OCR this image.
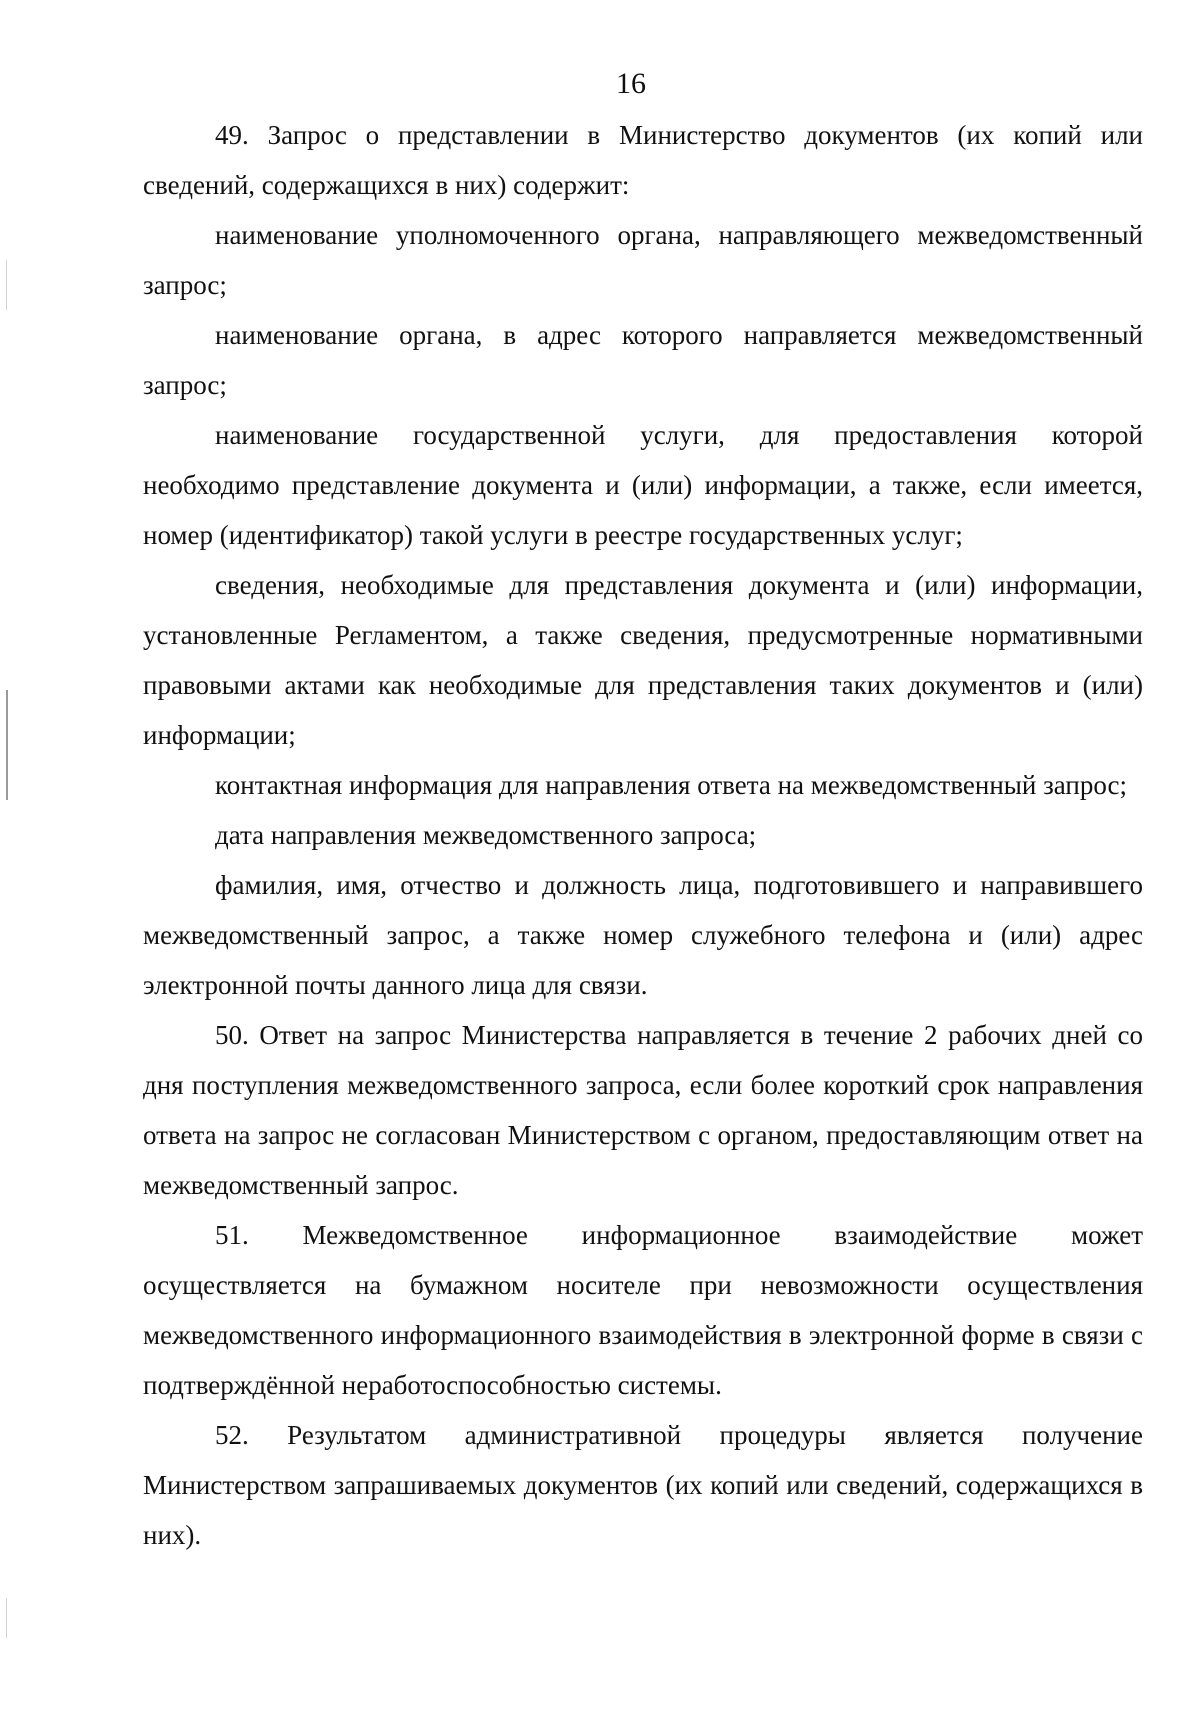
16

49. Запрос о представлении в Министерство документов (их копий или сведений, содержащихся в них) содержит:

наименование уполномоченного органа, направляющего межведомственный запрос;

наименование органа, в адрес которого направляется межведомственный запрос;

наименование государственной услуги, для предоставления которой необходимо представление документа и (или) информации, а также, если имеется, номер (идентификатор) такой услуги в реестре государственных услуг;

сведения, необходимые для представления документа и (или) информации, установленные Регламентом, а также сведения, предусмотренные нормативными правовыми актами как необходимые для представления таких документов и (или) информации;

контактная информация для направления ответа на межведомственный запрос;

дата направления межведомственного запроса;

фамилия, имя, отчество и должность лица, подготовившего и направившего межведомственный запрос, а также номер служебного телефона и (или) адрес электронной почты данного лица для связи.

50. Ответ на запрос Министерства направляется в течение 2 рабочих дней со дня поступления межведомственного запроса, если более короткий срок направления ответа на запрос не согласован Министерством с органом, предоставляющим ответ на межведомственный запрос.

51. Межведомственное информационное взаимодействие может осуществляется на бумажном носителе при невозможности осуществления межведомственного информационного взаимодействия в электронной форме в связи с подтверждённой неработоспособностью системы.

52. Результатом административной процедуры является получение Министерством запрашиваемых документов (их копий или сведений, содержащихся в них).
